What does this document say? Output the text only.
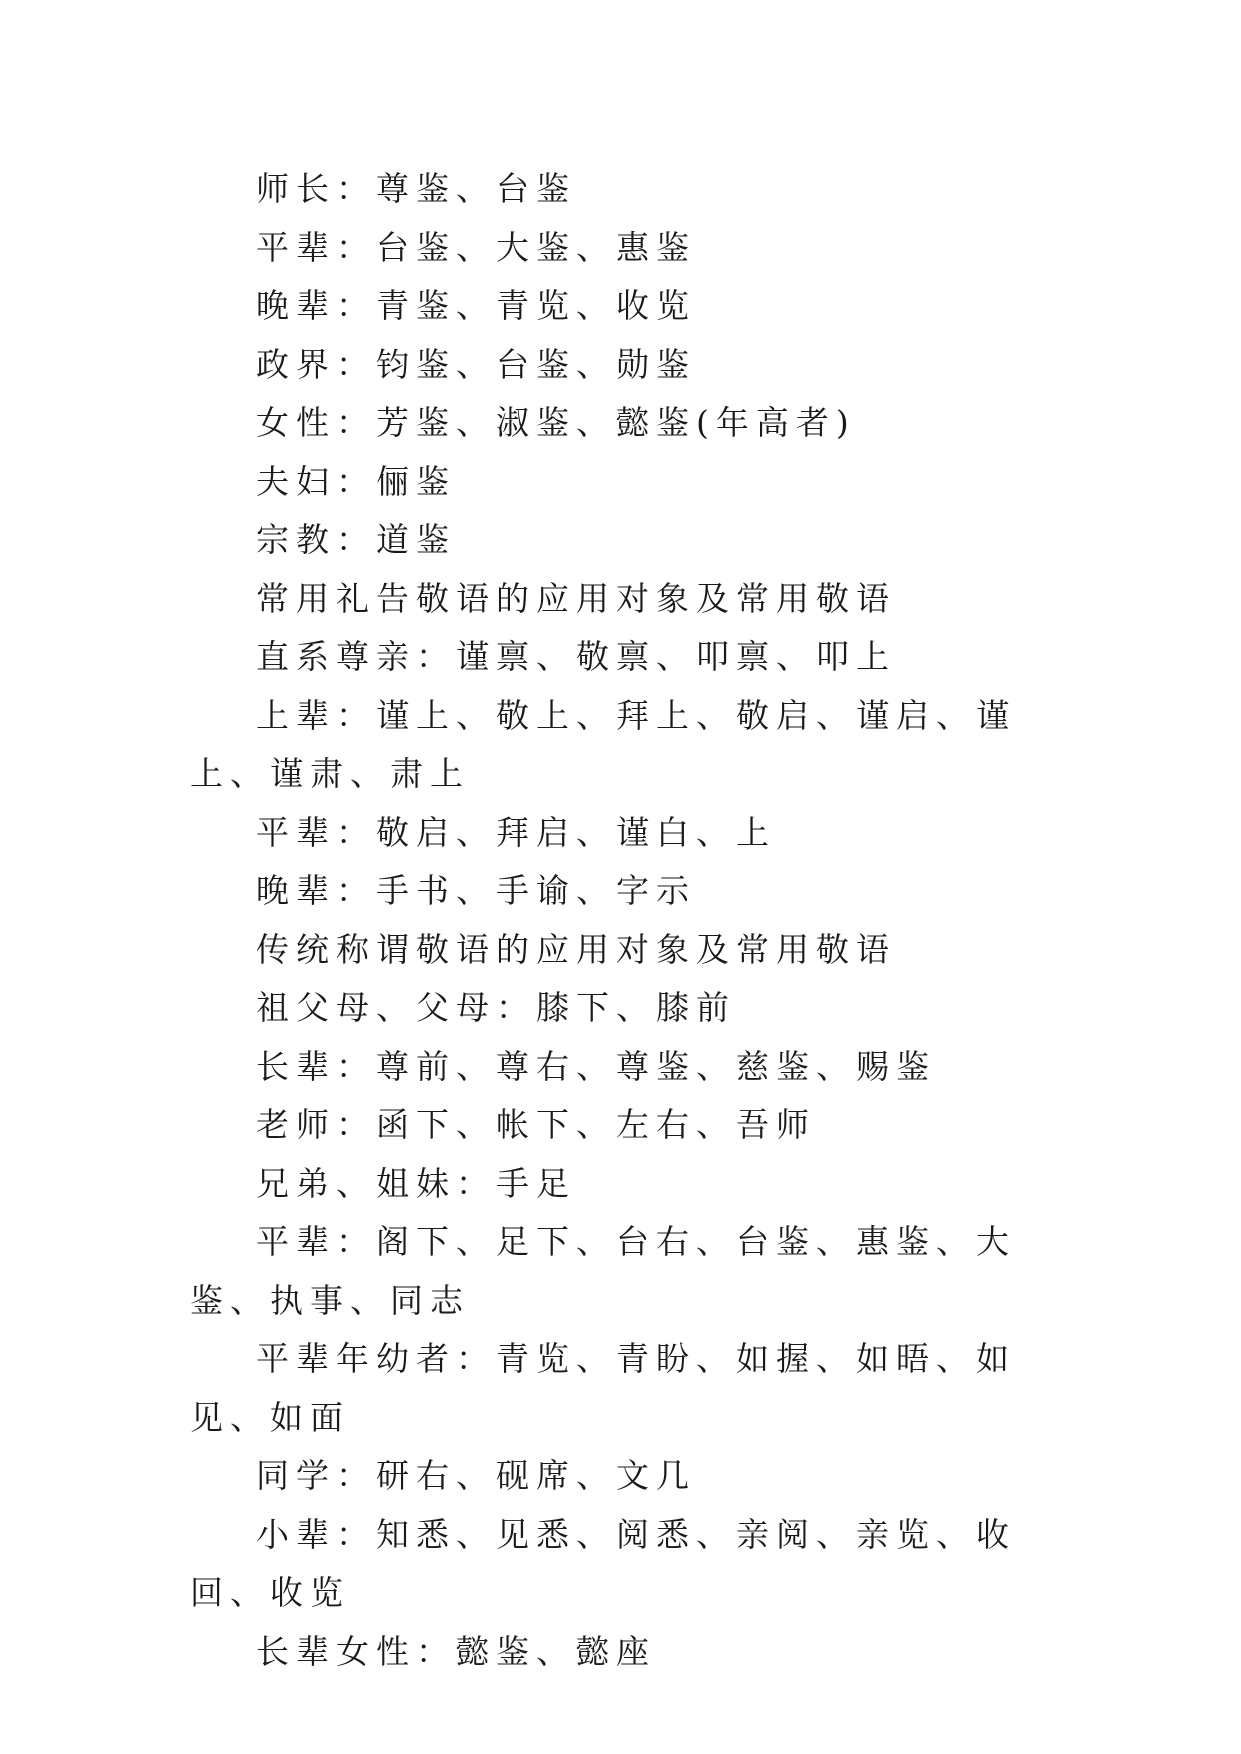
师长：尊鉴、台鉴

平辈：台鉴、大鉴、惠鉴

晚辈：青鉴、青览、收览

政界：钧鉴、台鉴、勋鉴

女性：芳鉴、淑鉴、懿鉴(年高者)

夫妇：俪鉴

宗教：道鉴

常用礼告敬语的应用对象及常用敬语

直系尊亲：谨禀、敬禀、叩禀、叩上

上辈：谨上、敬上、拜上、敬启、谨启、谨上、谨肃、肃上

平辈：敬启、拜启、谨白、上

晚辈：手书、手谕、字示

传统称谓敬语的应用对象及常用敬语

祖父母、父母：膝下、膝前

长辈：尊前、尊右、尊鉴、慈鉴、赐鉴

老师：函下、帐下、左右、吾师

兄弟、姐妹：手足

平辈：阁下、足下、台右、台鉴、惠鉴、大鉴、执事、同志

平辈年幼者：青览、青盼、如握、如晤、如见、如面

同学：研右、砚席、文几

小辈：知悉、见悉、阅悉、亲阅、亲览、收回、收览

长辈女性：懿鉴、懿座
